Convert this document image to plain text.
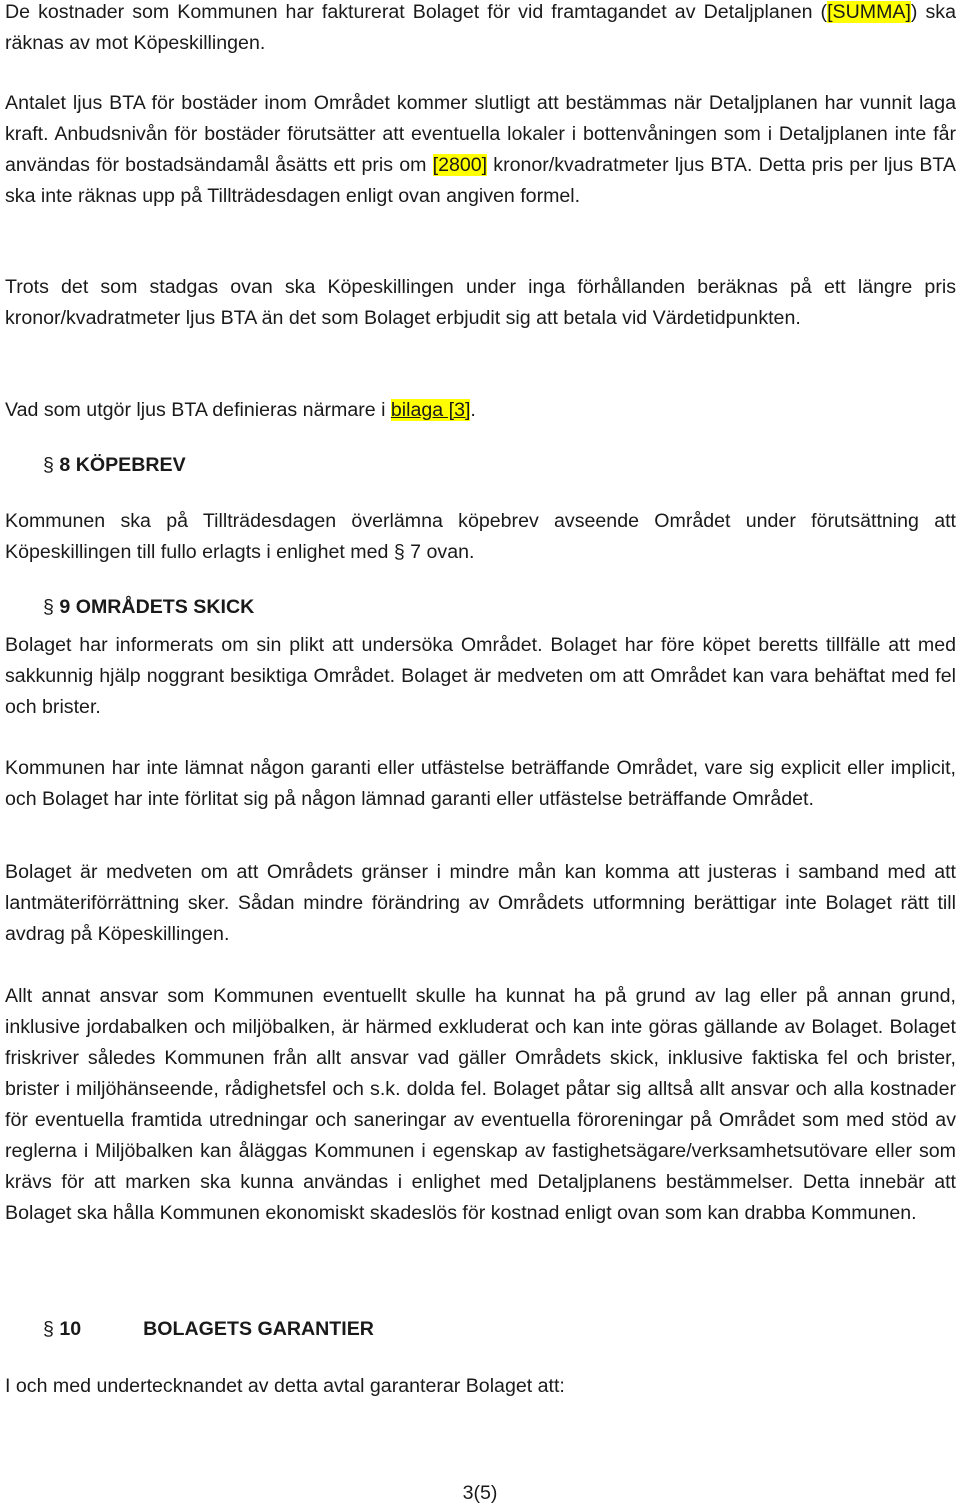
De kostnader som Kommunen har fakturerat Bolaget för vid framtagandet av Detaljplanen ([SUMMA]) ska räknas av mot Köpeskillingen.

Antalet ljus BTA för bostäder inom Området kommer slutligt att bestämmas när Detaljplanen har vunnit laga kraft. Anbudsnivån för bostäder förutsätter att eventuella lokaler i bottenvåningen som i Detaljplanen inte får användas för bostadsändamål åsätts ett pris om [2800] kronor/kvadratmeter ljus BTA. Detta pris per ljus BTA ska inte räknas upp på Tillträdesdagen enligt ovan angiven formel.

Trots det som stadgas ovan ska Köpeskillingen under inga förhållanden beräknas på ett längre pris kronor/kvadratmeter ljus BTA än det som Bolaget erbjudit sig att betala vid Värdetidpunkten.

Vad som utgör ljus BTA definieras närmare i bilaga [3].

§ 8 KÖPEBREV

Kommunen ska på Tillträdesdagen överlämna köpebrev avseende Området under förutsättning att Köpeskillingen till fullo erlagts i enlighet med § 7 ovan.

§ 9 OMRÅDETS SKICK

Bolaget har informerats om sin plikt att undersöka Området. Bolaget har före köpet beretts tillfälle att med sakkunnig hjälp noggrant besiktiga Området. Bolaget är medveten om att Området kan vara behäftat med fel och brister.

Kommunen har inte lämnat någon garanti eller utfästelse beträffande Området, vare sig explicit eller implicit, och Bolaget har inte förlitat sig på någon lämnad garanti eller utfästelse beträffande Området.

Bolaget är medveten om att Områdets gränser i mindre mån kan komma att justeras i samband med att lantmäteriförrättning sker. Sådan mindre förändring av Områdets utformning berättigar inte Bolaget rätt till avdrag på Köpeskillingen.

Allt annat ansvar som Kommunen eventuellt skulle ha kunnat ha på grund av lag eller på annan grund, inklusive jordabalken och miljöbalken, är härmed exkluderat och kan inte göras gällande av Bolaget. Bolaget friskriver således Kommunen från allt ansvar vad gäller Områdets skick, inklusive faktiska fel och brister, brister i miljöhänseende, rådighetsfel och s.k. dolda fel. Bolaget påtar sig alltså allt ansvar och alla kostnader för eventuella framtida utredningar och saneringar av eventuella föroreningar på Området som med stöd av reglerna i Miljöbalken kan åläggas Kommunen i egenskap av fastighetsägare/verksamhetsutövare eller som krävs för att marken ska kunna användas i enlighet med Detaljplanens bestämmelser. Detta innebär att Bolaget ska hålla Kommunen ekonomiskt skadeslös för kostnad enligt ovan som kan drabba Kommunen.

§ 10	BOLAGETS GARANTIER

I och med undertecknandet av detta avtal garanterar Bolaget att:

3(5)
